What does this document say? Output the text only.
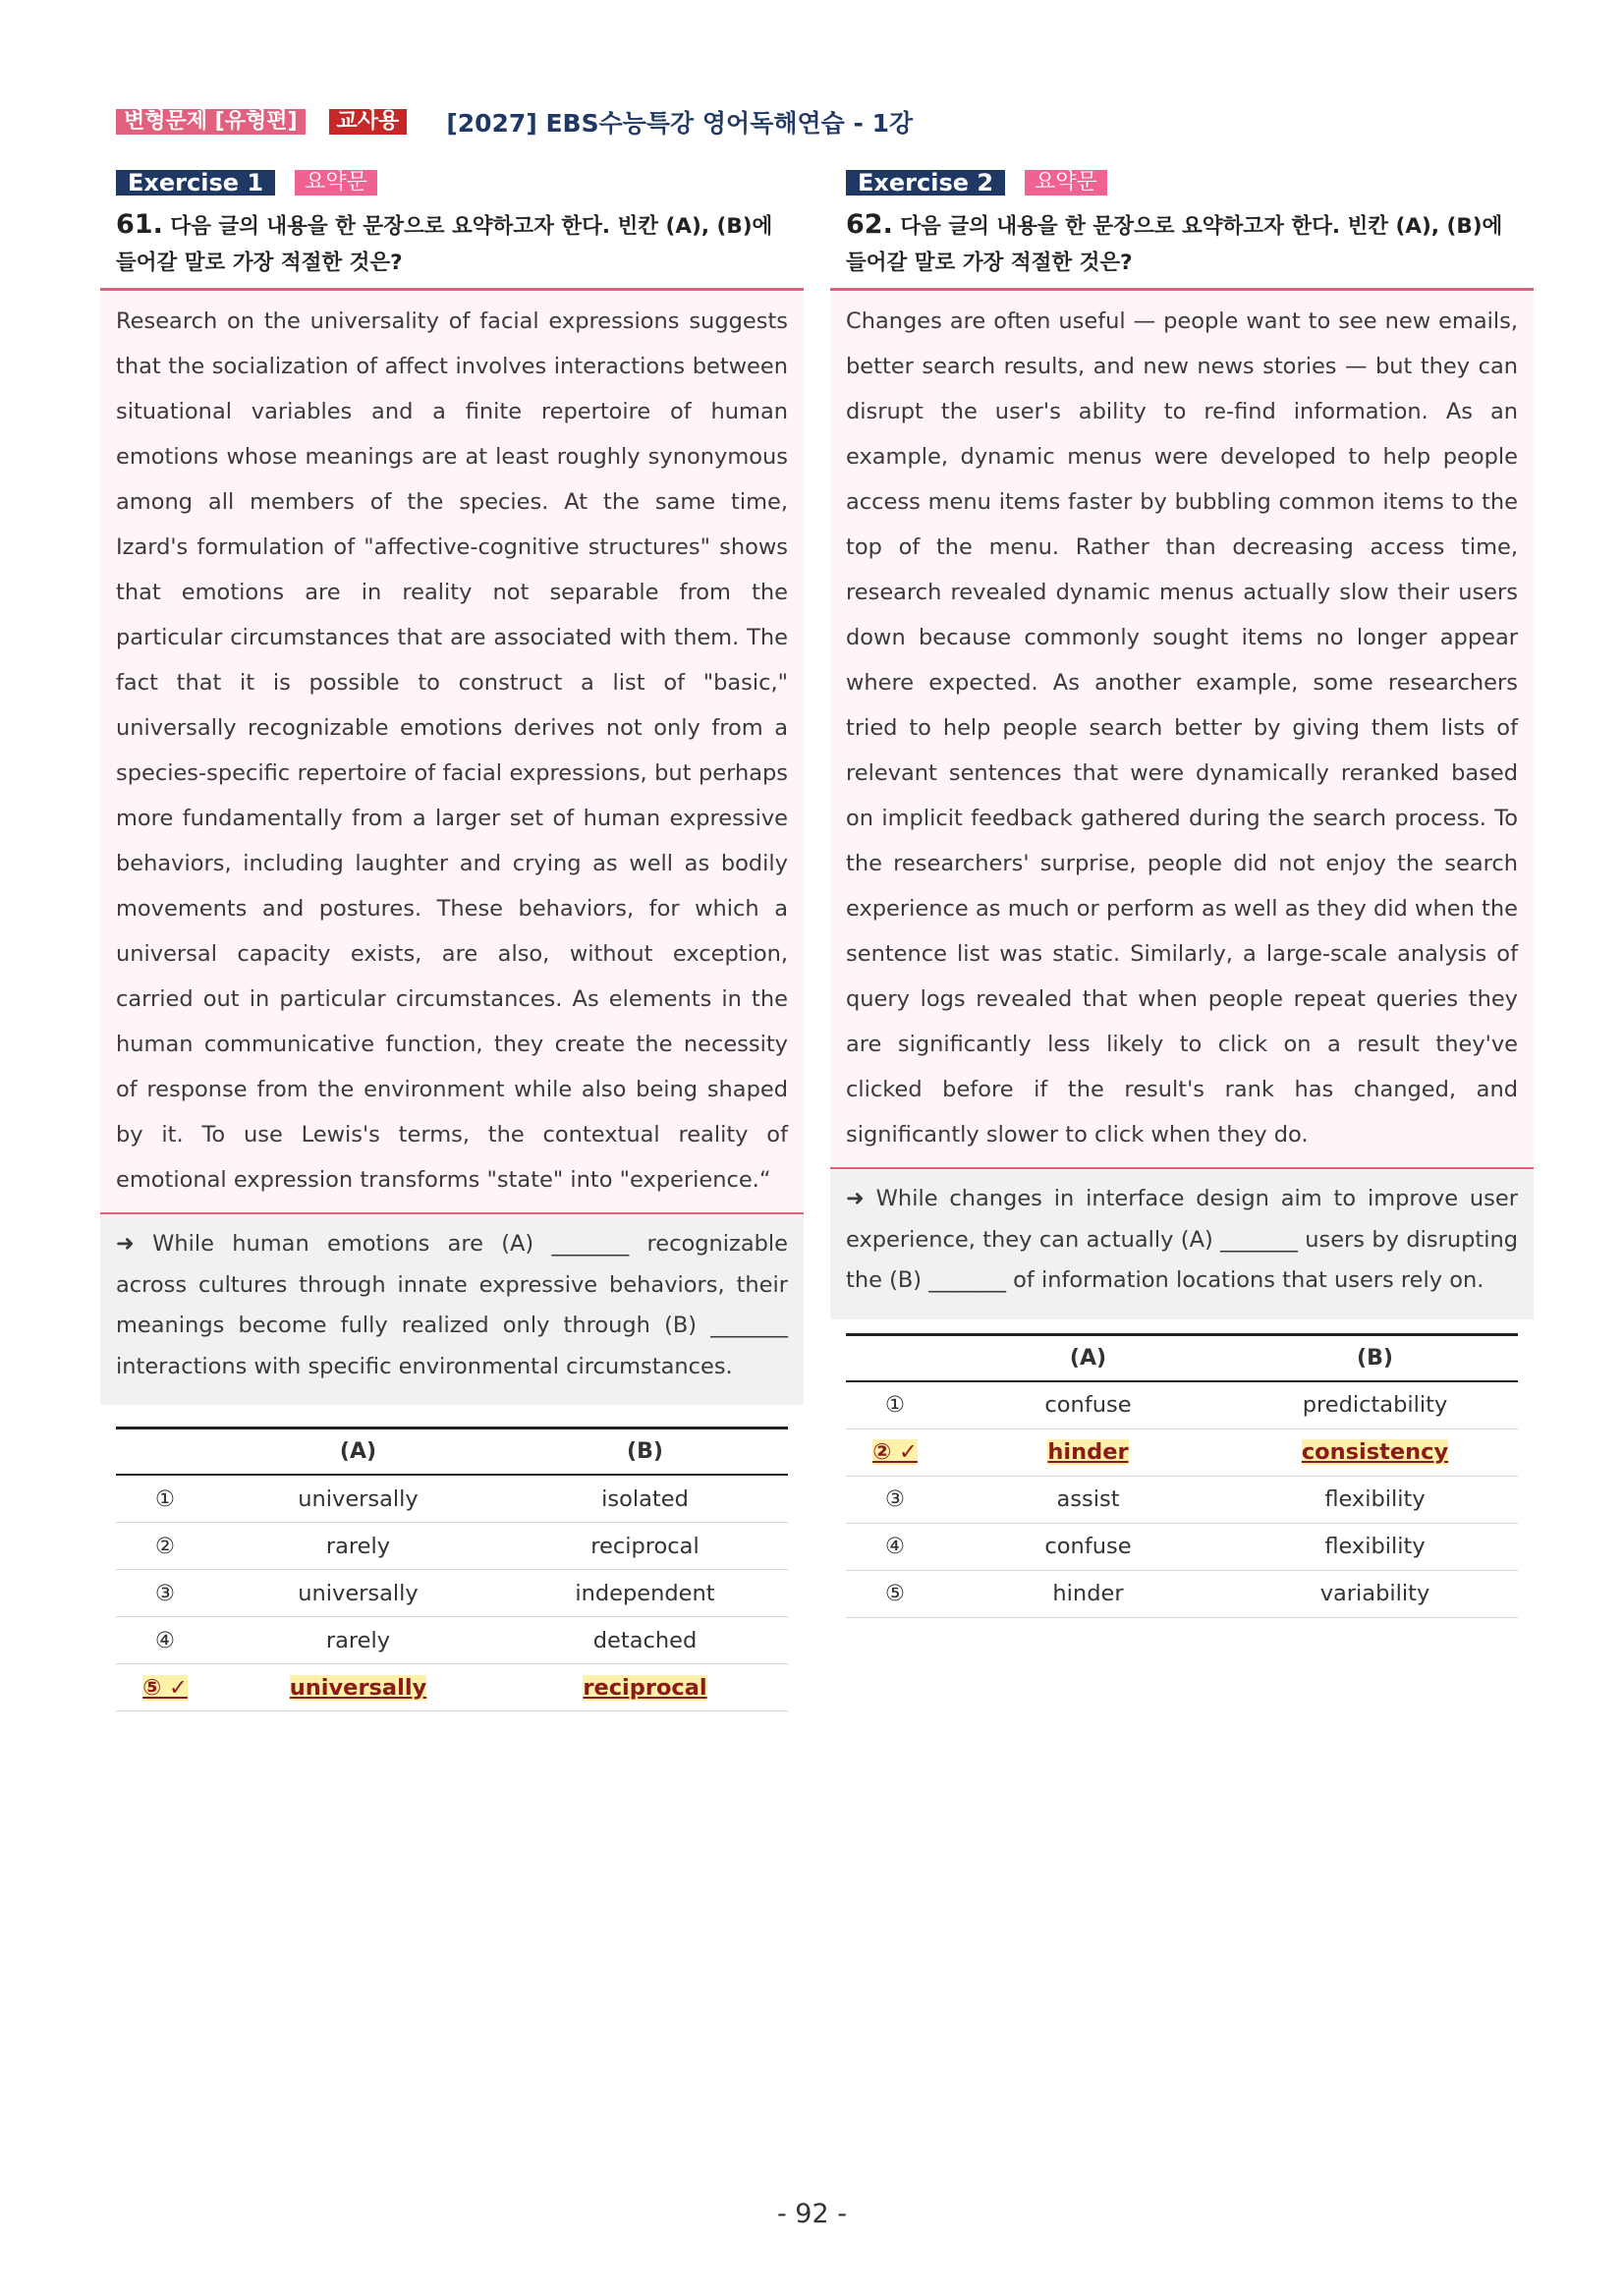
변형문제 [유형편]	교사용	[2027] EBS수능특강 영어독해연습 - 1강
Exercise 1	요약문
61. 다음 글의 내용을 한 문장으로 요약하고자 한다. 빈칸 (A), (B)에 들어갈 말로 가장 적절한 것은?
Research on the universality of facial expressions suggests that the socialization of affect involves interactions between situational variables and a finite repertoire of human emotions whose meanings are at least roughly synonymous among all members of the species. At the same time, Izard's formulation of "affective-cognitive structures" shows that emotions are in reality not separable from the particular circumstances that are associated with them. The fact that it is possible to construct a list of "basic," universally recognizable emotions derives not only from a species-specific repertoire of facial expressions, but perhaps more fundamentally from a larger set of human expressive behaviors, including laughter and crying as well as bodily movements and postures. These behaviors, for which a universal capacity exists, are also, without exception, carried out in particular circumstances. As elements in the human communicative function, they create the necessity of response from the environment while also being shaped by it. To use Lewis's terms, the contextual reality of emotional expression transforms "state" into "experience.“
➜ While human emotions are (A) _______ recognizable across cultures through innate expressive behaviors, their meanings become fully realized only through (B) _______ interactions with specific environmental circumstances.
	(A)	(B)
①	universally	isolated
②	rarely	reciprocal
③	universally	independent
④	rarely	detached
⑤ ✓	universally	reciprocal
Exercise 2	요약문
62. 다음 글의 내용을 한 문장으로 요약하고자 한다. 빈칸 (A), (B)에 들어갈 말로 가장 적절한 것은?
Changes are often useful — people want to see new emails, better search results, and new news stories — but they can disrupt the user's ability to re-find information. As an example, dynamic menus were developed to help people access menu items faster by bubbling common items to the top of the menu. Rather than decreasing access time, research revealed dynamic menus actually slow their users down because commonly sought items no longer appear where expected. As another example, some researchers tried to help people search better by giving them lists of relevant sentences that were dynamically reranked based on implicit feedback gathered during the search process. To the researchers' surprise, people did not enjoy the search experience as much or perform as well as they did when the sentence list was static. Similarly, a large-scale analysis of query logs revealed that when people repeat queries they are significantly less likely to click on a result they've clicked before if the result's rank has changed, and significantly slower to click when they do.
➜ While changes in interface design aim to improve user experience, they can actually (A) _______ users by disrupting the (B) _______ of information locations that users rely on.
	(A)	(B)
①	confuse	predictability
② ✓	hinder	consistency
③	assist	flexibility
④	confuse	flexibility
⑤	hinder	variability
- 92 -
